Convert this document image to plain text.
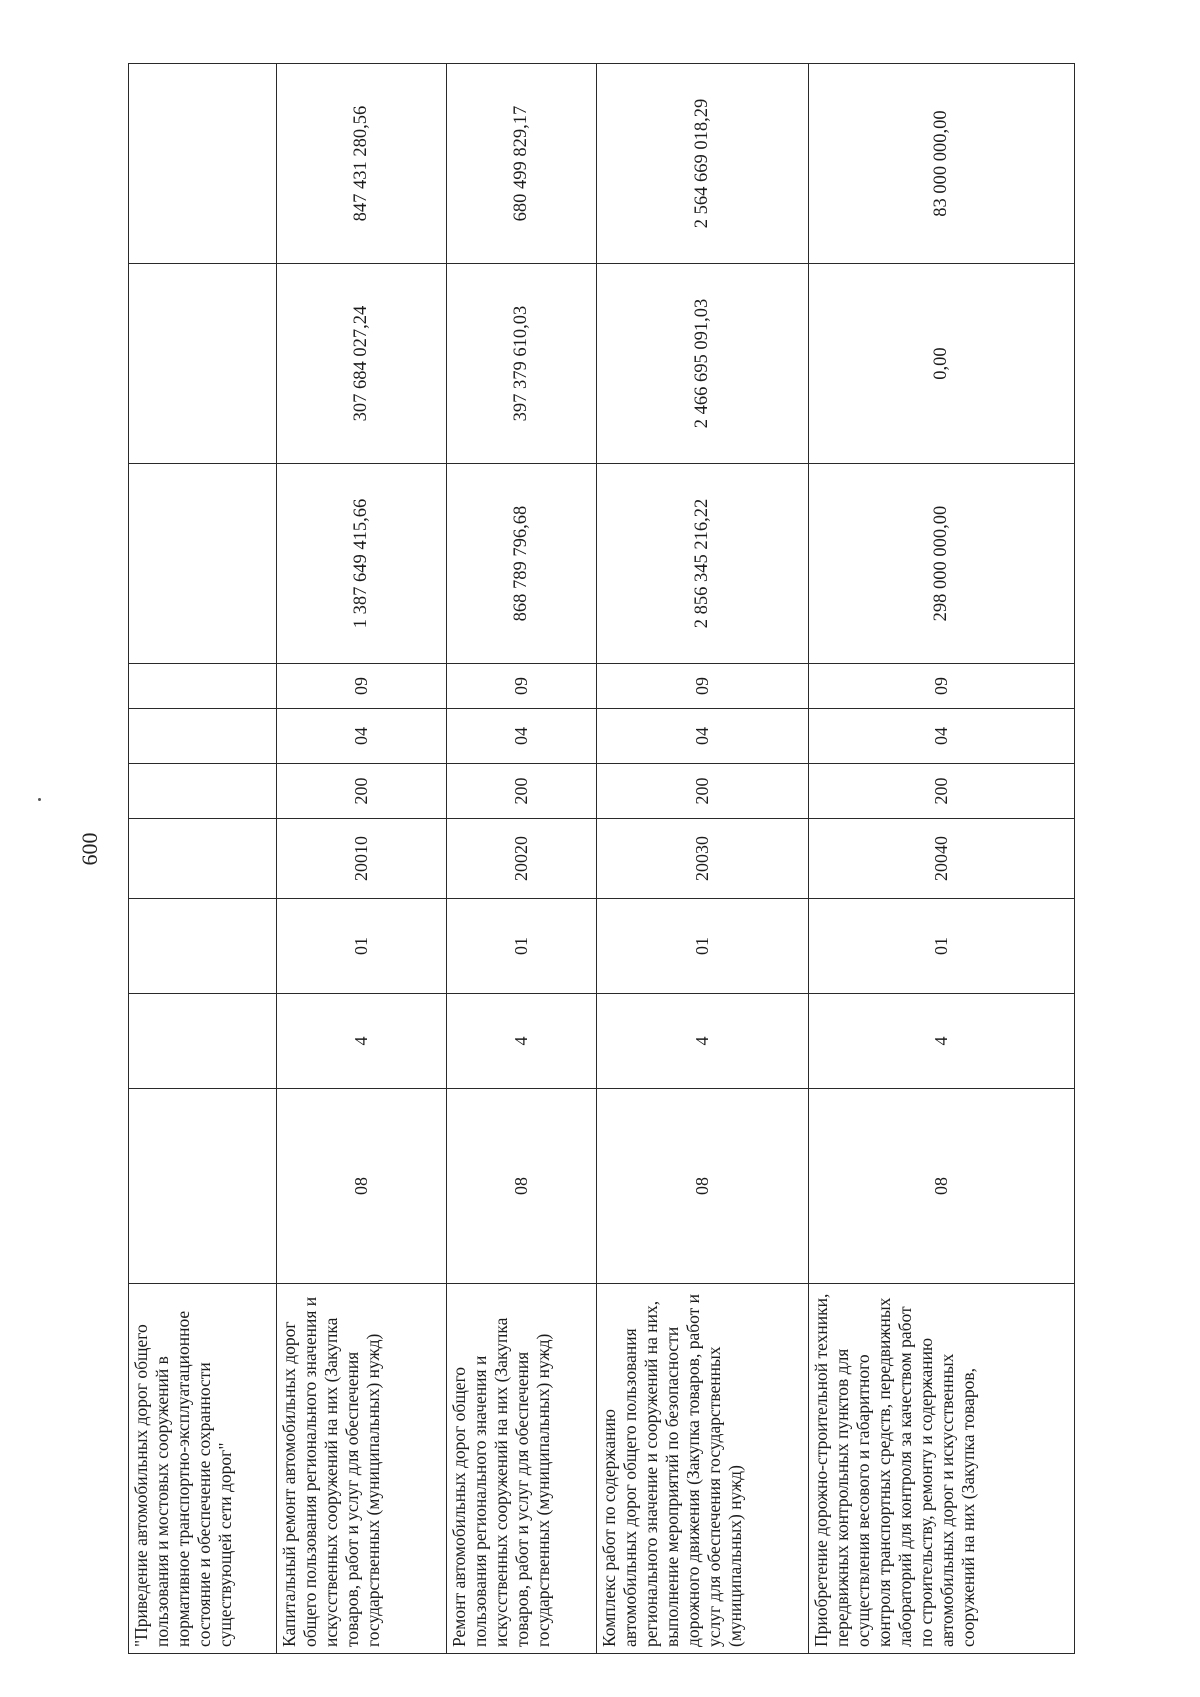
600
"Приведение автомобильных дорог общего пользования и мостовых сооружений в нормативное транспортно-эксплуатационное состояние и обеспечение сохранности существующей сети дорог"										
Капитальный ремонт автомобильных дорог общего пользования регионального значения и искусственных сооружений на них (Закупка товаров, работ и услуг для обеспечения государственных (муниципальных) нужд)	08	4	01	20010	200	04	09	1 387 649 415,66	307 684 027,24	847 431 280,56
Ремонт автомобильных дорог общего пользования регионального значения и искусственных сооружений на них (Закупка товаров, работ и услуг для обеспечения государственных (муниципальных) нужд)	08	4	01	20020	200	04	09	868 789 796,68	397 379 610,03	680 499 829,17
Комплекс работ по содержанию автомобильных дорог общего пользования регионального значение и сооружений на них, выполнение мероприятий по безопасности дорожного движения (Закупка товаров, работ и услуг для обеспечения государственных (муниципальных) нужд)	08	4	01	20030	200	04	09	2 856 345 216,22	2 466 695 091,03	2 564 669 018,29
Приобретение дорожно-строительной техники, передвижных контрольных пунктов для осуществления весового и габаритного контроля транспортных средств, передвижных лабораторий для контроля за качеством работ по строительству, ремонту и содержанию автомобильных дорог и искусственных сооружений на них (Закупка товаров,	08	4	01	20040	200	04	09	298 000 000,00	0,00	83 000 000,00
